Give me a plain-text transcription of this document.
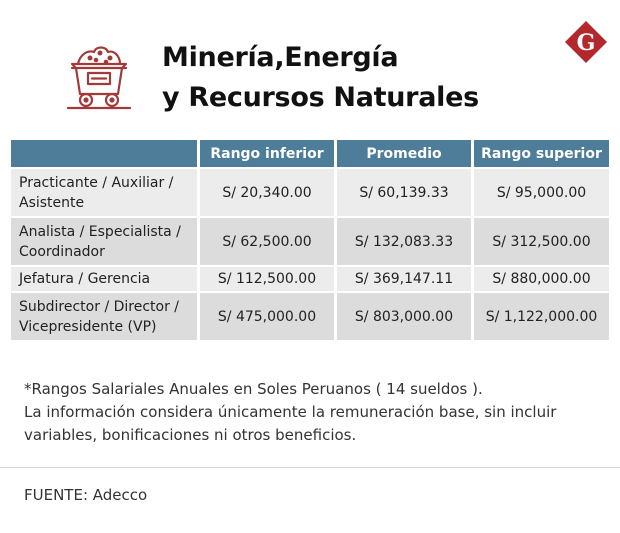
Minería,Energía
y Recursos Naturales
G
	Rango inferior	Promedio	Rango superior
Practicante / Auxiliar /
Asistente	S/ 20,340.00	S/ 60,139.33	S/ 95,000.00
Analista / Especialista /
Coordinador	S/ 62,500.00	S/ 132,083.33	S/ 312,500.00
Jefatura / Gerencia	S/ 112,500.00	S/ 369,147.11	S/ 880,000.00
Subdirector / Director /
Vicepresidente (VP)	S/ 475,000.00	S/ 803,000.00	S/ 1,122,000.00
*Rangos Salariales Anuales en Soles Peruanos ( 14 sueldos ).
La información considera únicamente la remuneración base, sin incluir
variables, bonificaciones ni otros beneficios.
FUENTE: Adecco
